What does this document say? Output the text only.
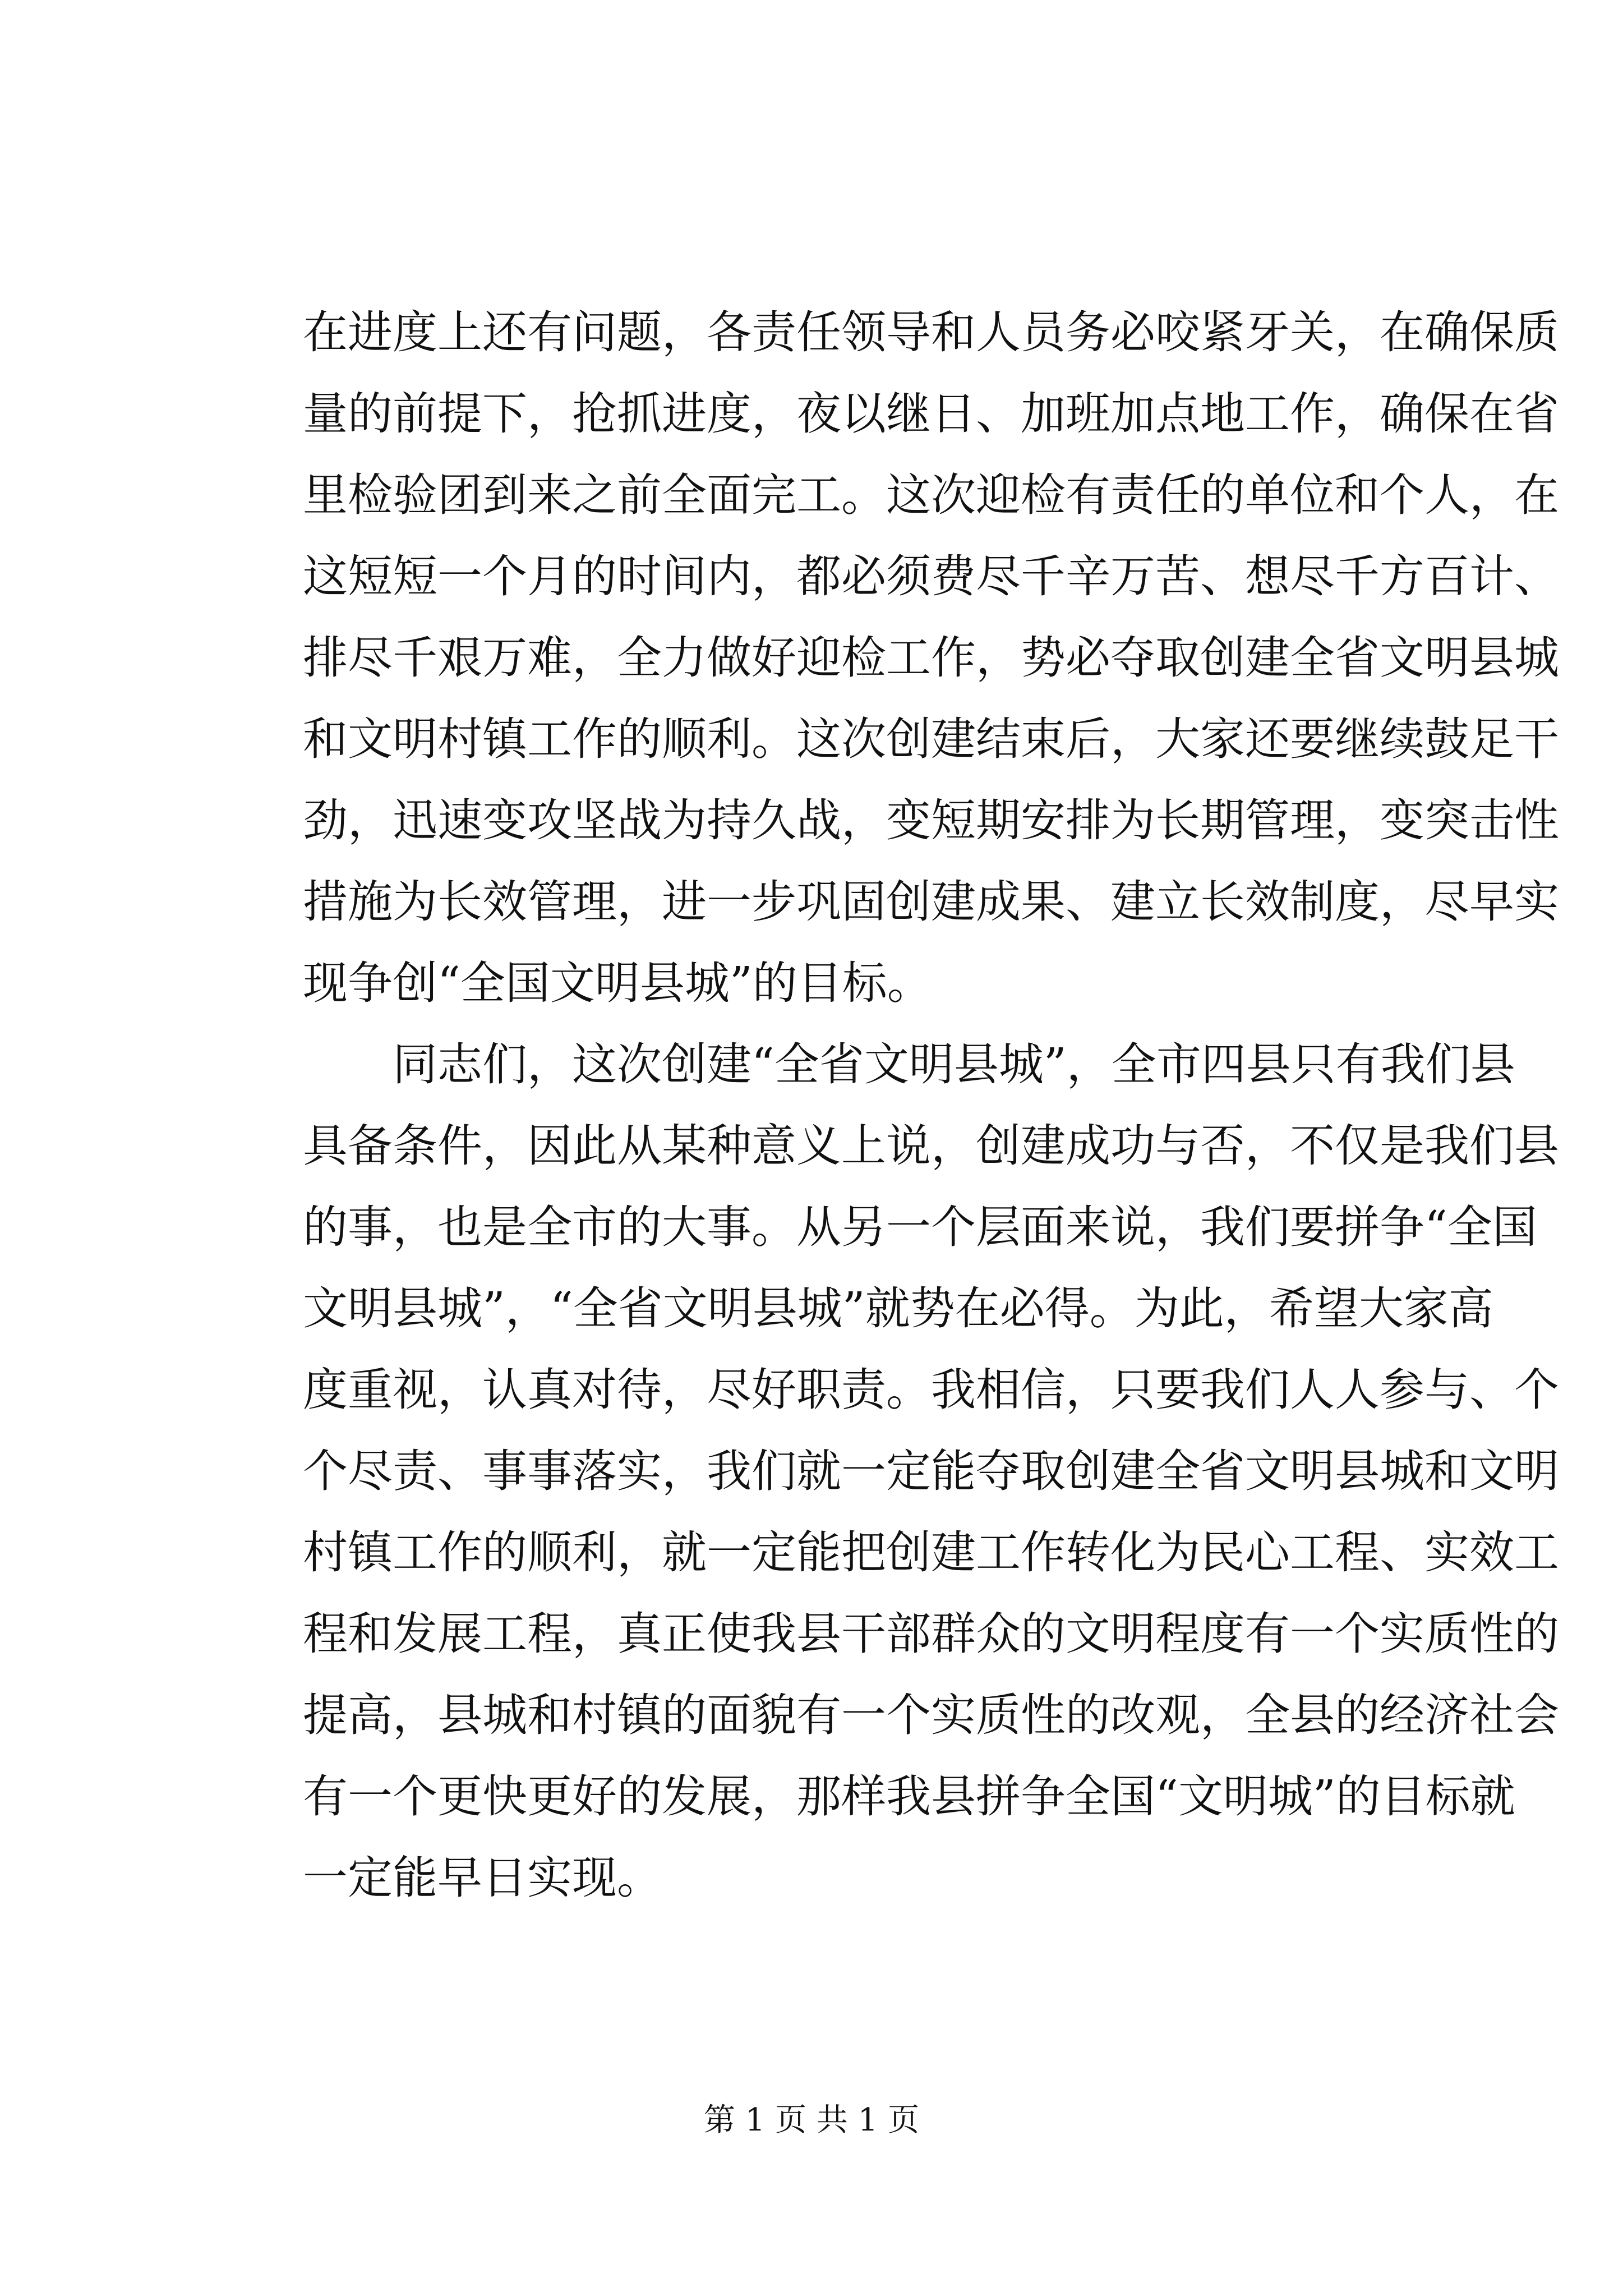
在进度上还有问题，各责任领导和人员务必咬紧牙关，在确保质
量的前提下，抢抓进度，夜以继日、加班加点地工作，确保在省
里检验团到来之前全面完工。这次迎检有责任的单位和个人，在
这短短一个月的时间内，都必须费尽千辛万苦、想尽千方百计、
排尽千艰万难，全力做好迎检工作，势必夺取创建全省文明县城
和文明村镇工作的顺利。这次创建结束后，大家还要继续鼓足干
劲，迅速变攻坚战为持久战，变短期安排为长期管理，变突击性
措施为长效管理，进一步巩固创建成果、建立长效制度，尽早实
现争创“全国文明县城”的目标。
　　同志们，这次创建“全省文明县城”，全市四县只有我们县
具备条件，因此从某种意义上说，创建成功与否，不仅是我们县
的事，也是全市的大事。从另一个层面来说，我们要拼争“全国
文明县城”，“全省文明县城”就势在必得。为此，希望大家高
度重视，认真对待，尽好职责。我相信，只要我们人人参与、个
个尽责、事事落实，我们就一定能夺取创建全省文明县城和文明
村镇工作的顺利，就一定能把创建工作转化为民心工程、实效工
程和发展工程，真正使我县干部群众的文明程度有一个实质性的
提高，县城和村镇的面貌有一个实质性的改观，全县的经济社会
有一个更快更好的发展，那样我县拼争全国“文明城”的目标就
一定能早日实现。
第 1 页 共 1 页
